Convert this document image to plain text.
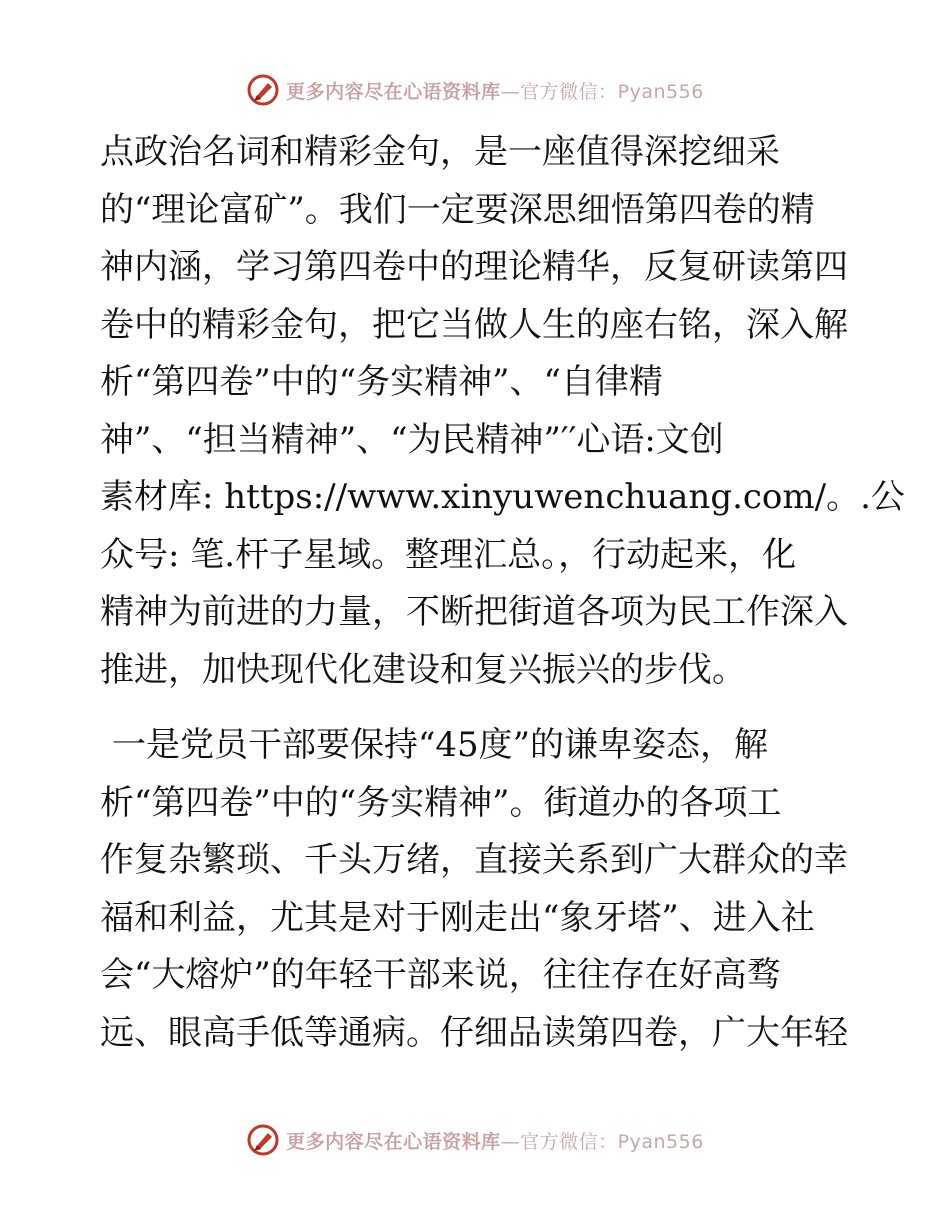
更多内容尽在心语资料库—官方微信：Pyan556
点政治名词和精彩金句，是一座值得深挖细采
的“理论富矿”。我们一定要深思细悟第四卷的精
神内涵，学习第四卷中的理论精华，反复研读第四
卷中的精彩金句，把它当做人生的座右铭，深入解
析“第四卷”中的“务实精神”、“自律精
神”、“担当精神”、“为民精神”′′心语:文创
素材库: https://www.xinyuwenchuang.com/。.公
众号: 笔.杆子星域。整理汇总。，行动起来，化
精神为前进的力量，不断把街道各项为民工作深入
推进，加快现代化建设和复兴振兴的步伐。
一是党员干部要保持“45度”的谦卑姿态，解
析“第四卷”中的“务实精神”。街道办的各项工
作复杂繁琐、千头万绪，直接关系到广大群众的幸
福和利益，尤其是对于刚走出“象牙塔”、进入社
会“大熔炉”的年轻干部来说，往往存在好高骛
远、眼高手低等通病。仔细品读第四卷，广大年轻
更多内容尽在心语资料库—官方微信：Pyan556
